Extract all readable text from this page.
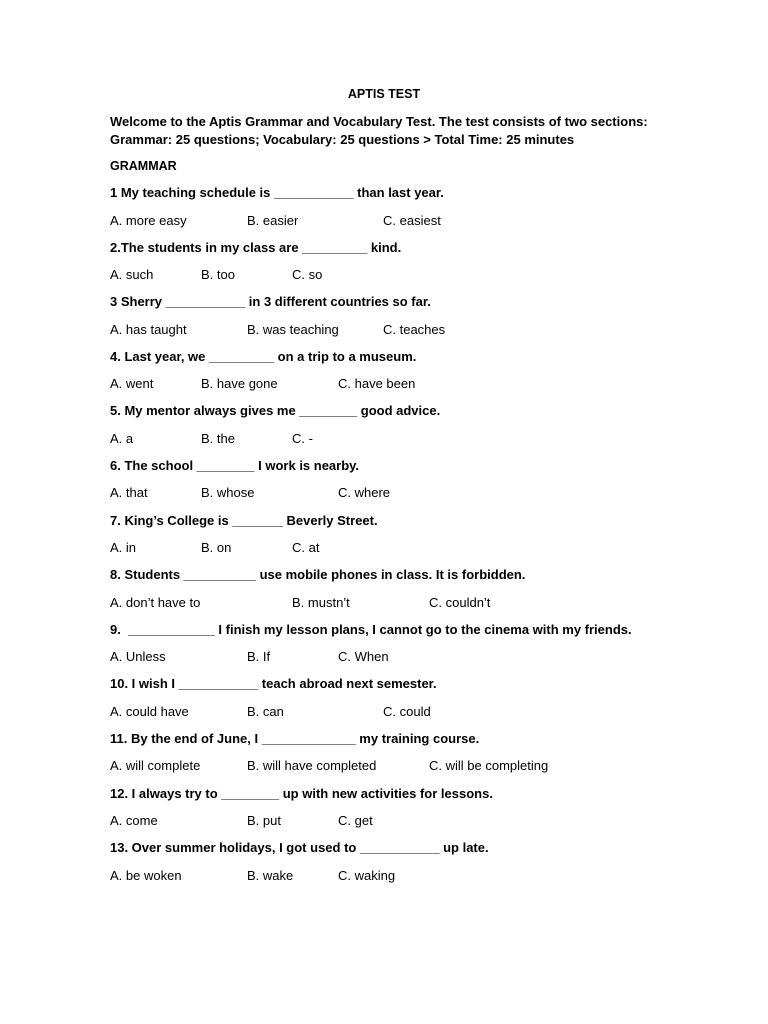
APTIS TEST
Welcome to the Aptis Grammar and Vocabulary Test. The test consists of two sections: Grammar: 25 questions; Vocabulary: 25 questions > Total Time: 25 minutes
GRAMMAR
1 My teaching schedule is ___________ than last year.
A. more easy	B. easier	C. easiest
2.The students in my class are _________ kind.
A. such	B. too	C. so
3 Sherry ___________ in 3 different countries so far.
A. has taught	B. was teaching	C. teaches
4. Last year, we _________ on a trip to a museum.
A. went	B. have gone	C. have been
5. My mentor always gives me ________ good advice.
A. a	B. the	C. -
6. The school ________ I work is nearby.
A. that	B. whose	C. where
7. King’s College is _______ Beverly Street.
A. in	B. on	C. at
8. Students __________ use mobile phones in class. It is forbidden.
A. don’t have to	B. mustn’t	C. couldn’t
9.  ____________ I finish my lesson plans, I cannot go to the cinema with my friends.
A. Unless	B. If	C. When
10. I wish I ___________ teach abroad next semester.
A. could have	B. can	C. could
11. By the end of June, I _____________ my training course.
A. will complete	B. will have completed	C. will be completing
12. I always try to ________ up with new activities for lessons.
A. come	B. put	C. get
13. Over summer holidays, I got used to ___________ up late.
A. be woken	B. wake	C. waking
